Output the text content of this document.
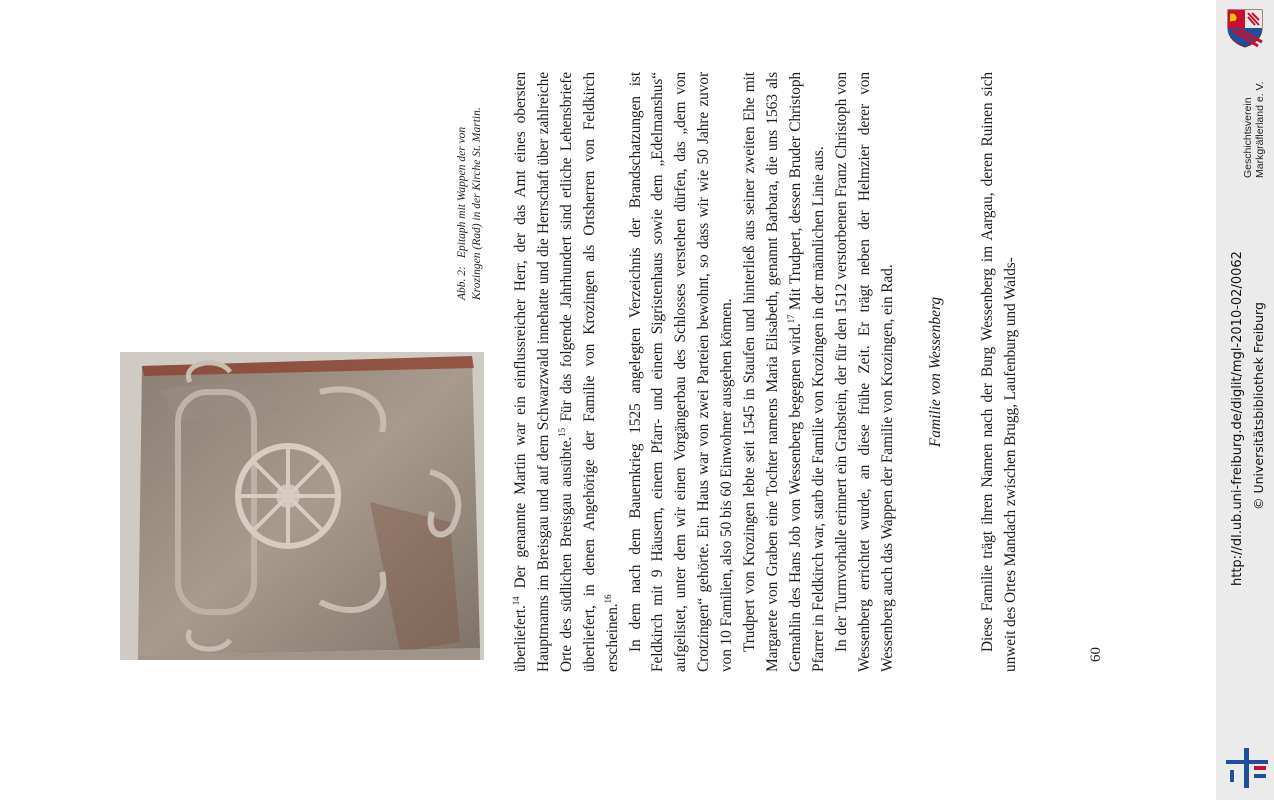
Geschichtsverein Markgräflerland e. V.
http://dl.ub.uni-freiburg.de/diglit/mgl-2010-02/0062 © Universitätsbibliothek Freiburg
Abb. 2:Epitaph mit Wappen der von Krozingen (Rad) in der Kirche St. Martin.

überliefert.$^{14}$ Der genannte Martin war ein einflussreicher Herr, der das Amt eines obersten Hauptmanns im Breisgau und auf dem Schwarzwald innehatte und die Herrschaft über zahlreiche Orte des südlichen Breisgau ausübte.$^{15}$ Für das folgende Jahrhundert sind etliche Lehensbriefe überliefert, in denen Angehörige der Familie von Krozingen als Ortsherren von Feldkirch erscheinen.$^{16}$ In dem nach dem Bauernkrieg 1525 angelegten Verzeichnis der Brandschatzungen ist Feldkirch mit 9 Häusern, einem Pfarr- und einem Sigristenhaus sowie dem „Edelmanshus“ aufgelistet, unter dem wir einen Vorgängerbau des Schlosses verstehen dürfen, das „dem von Crotzingen“ gehörte. Ein Haus war von zwei Parteien bewohnt, so dass wir wie 50 Jahre zuvor von 10 Familien, also 50 bis 60 Einwohner ausgehen können. Trudpert von Krozingen lebte seit 1545 in Staufen und hinterließ aus seiner zweiten Ehe mit Margarete von Graben eine Tochter namens Maria Elisabeth, genannt Barbara, die uns 1563 als Gemahlin des Hans Job von Wessenberg begegnen wird.$^{17}$ Mit Trudpert, dessen Bruder Christoph Pfarrer in Feldkirch war, starb die Familie von Krozingen in der männlichen Linie aus. In der Turmvorhalle erinnert ein Grabstein, der für den 1512 verstorbenen Franz Christoph von Wessenberg errichtet wurde, an diese frühe Zeit. Er trägt neben der Helmzier derer von Wessenberg auch das Wappen der Familie von Krozingen, ein Rad. Familie von Wessenberg Diese Familie trägt ihren Namen nach der Burg Wessenberg im Aargau, deren Ruinen sich unweit des Ortes Mandach zwischen Brugg, Laufenburg und Walds-	60
